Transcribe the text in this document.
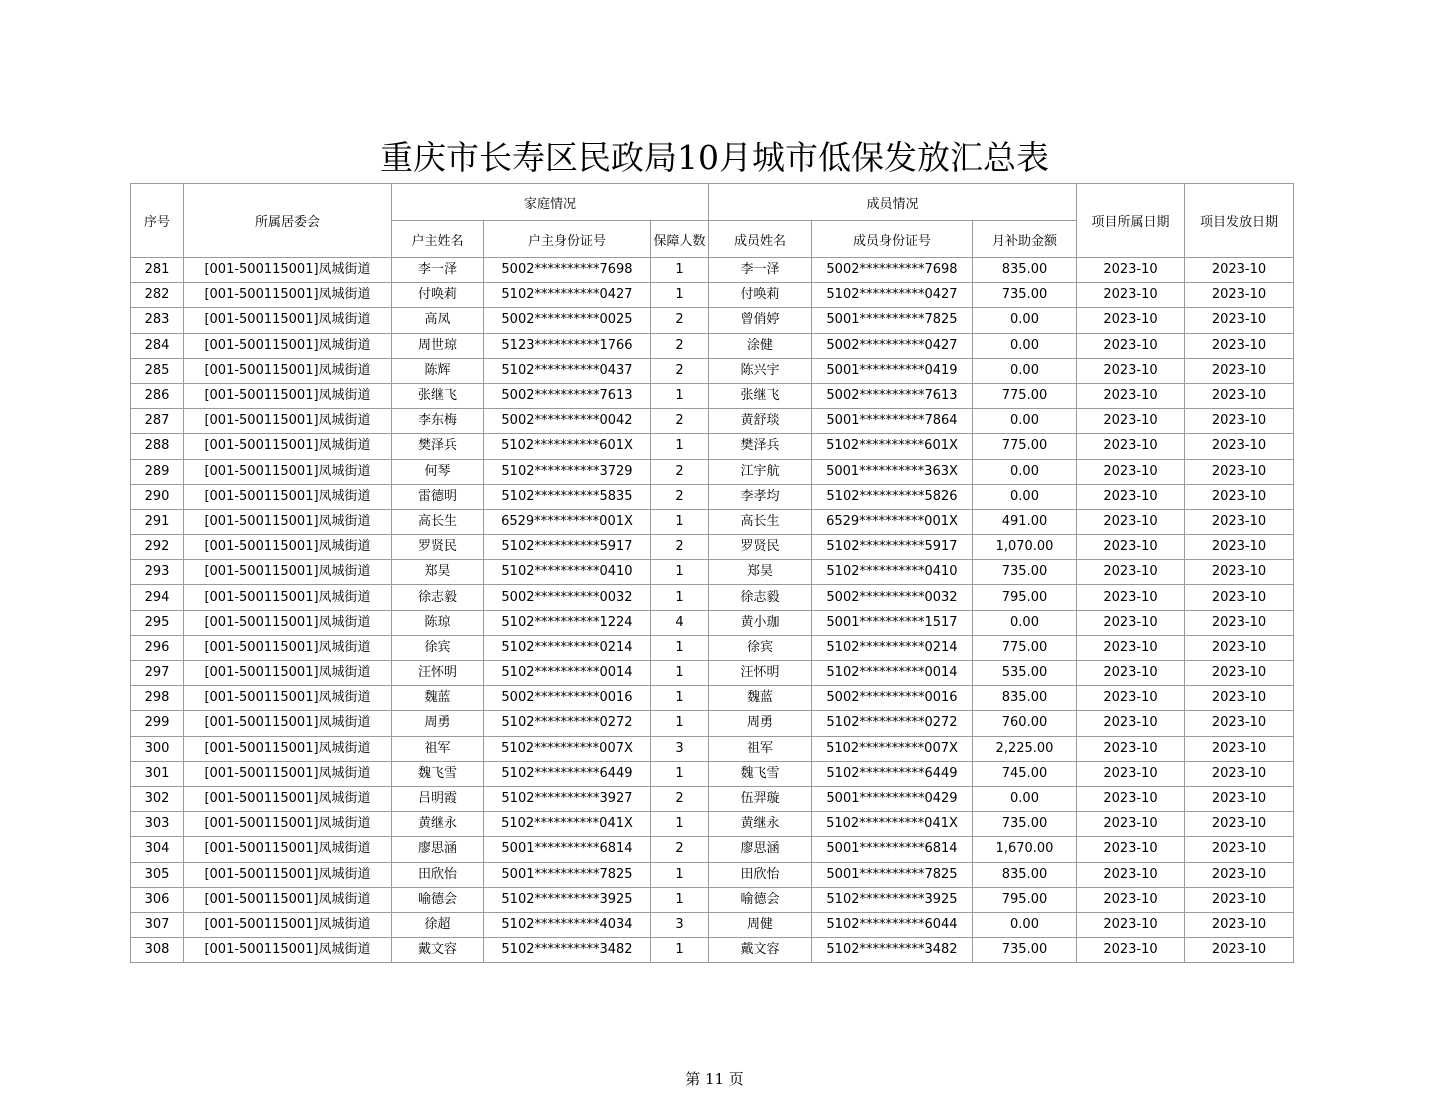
重庆市长寿区民政局10月城市低保发放汇总表
序号	所属居委会	家庭情况			成员情况			项目所属日期	项目发放日期
		户主姓名	户主身份证号	保障人数	成员姓名	成员身份证号	月补助金额		
281	[001-500115001]凤城街道	李一泽	5002**********7698	1	李一泽	5002**********7698	835.00	2023-10	2023-10
282	[001-500115001]凤城街道	付唤莉	5102**********0427	1	付唤莉	5102**********0427	735.00	2023-10	2023-10
283	[001-500115001]凤城街道	高凤	5002**********0025	2	曾俏婷	5001**********7825	0.00	2023-10	2023-10
284	[001-500115001]凤城街道	周世琼	5123**********1766	2	涂健	5002**********0427	0.00	2023-10	2023-10
285	[001-500115001]凤城街道	陈辉	5102**********0437	2	陈兴宇	5001**********0419	0.00	2023-10	2023-10
286	[001-500115001]凤城街道	张继飞	5002**********7613	1	张继飞	5002**********7613	775.00	2023-10	2023-10
287	[001-500115001]凤城街道	李东梅	5002**********0042	2	黄舒琰	5001**********7864	0.00	2023-10	2023-10
288	[001-500115001]凤城街道	樊泽兵	5102**********601X	1	樊泽兵	5102**********601X	775.00	2023-10	2023-10
289	[001-500115001]凤城街道	何琴	5102**********3729	2	江宇航	5001**********363X	0.00	2023-10	2023-10
290	[001-500115001]凤城街道	雷德明	5102**********5835	2	李孝均	5102**********5826	0.00	2023-10	2023-10
291	[001-500115001]凤城街道	高长生	6529**********001X	1	高长生	6529**********001X	491.00	2023-10	2023-10
292	[001-500115001]凤城街道	罗贤民	5102**********5917	2	罗贤民	5102**********5917	1,070.00	2023-10	2023-10
293	[001-500115001]凤城街道	郑昊	5102**********0410	1	郑昊	5102**********0410	735.00	2023-10	2023-10
294	[001-500115001]凤城街道	徐志毅	5002**********0032	1	徐志毅	5002**********0032	795.00	2023-10	2023-10
295	[001-500115001]凤城街道	陈琼	5102**********1224	4	黄小珈	5001**********1517	0.00	2023-10	2023-10
296	[001-500115001]凤城街道	徐宾	5102**********0214	1	徐宾	5102**********0214	775.00	2023-10	2023-10
297	[001-500115001]凤城街道	汪怀明	5102**********0014	1	汪怀明	5102**********0014	535.00	2023-10	2023-10
298	[001-500115001]凤城街道	魏蓝	5002**********0016	1	魏蓝	5002**********0016	835.00	2023-10	2023-10
299	[001-500115001]凤城街道	周勇	5102**********0272	1	周勇	5102**********0272	760.00	2023-10	2023-10
300	[001-500115001]凤城街道	祖军	5102**********007X	3	祖军	5102**********007X	2,225.00	2023-10	2023-10
301	[001-500115001]凤城街道	魏飞雪	5102**********6449	1	魏飞雪	5102**********6449	745.00	2023-10	2023-10
302	[001-500115001]凤城街道	吕明霞	5102**********3927	2	伍羿璇	5001**********0429	0.00	2023-10	2023-10
303	[001-500115001]凤城街道	黄继永	5102**********041X	1	黄继永	5102**********041X	735.00	2023-10	2023-10
304	[001-500115001]凤城街道	廖思涵	5001**********6814	2	廖思涵	5001**********6814	1,670.00	2023-10	2023-10
305	[001-500115001]凤城街道	田欣怡	5001**********7825	1	田欣怡	5001**********7825	835.00	2023-10	2023-10
306	[001-500115001]凤城街道	喻德会	5102**********3925	1	喻德会	5102**********3925	795.00	2023-10	2023-10
307	[001-500115001]凤城街道	徐超	5102**********4034	3	周健	5102**********6044	0.00	2023-10	2023-10
308	[001-500115001]凤城街道	戴文容	5102**********3482	1	戴文容	5102**********3482	735.00	2023-10	2023-10
第 11 页
